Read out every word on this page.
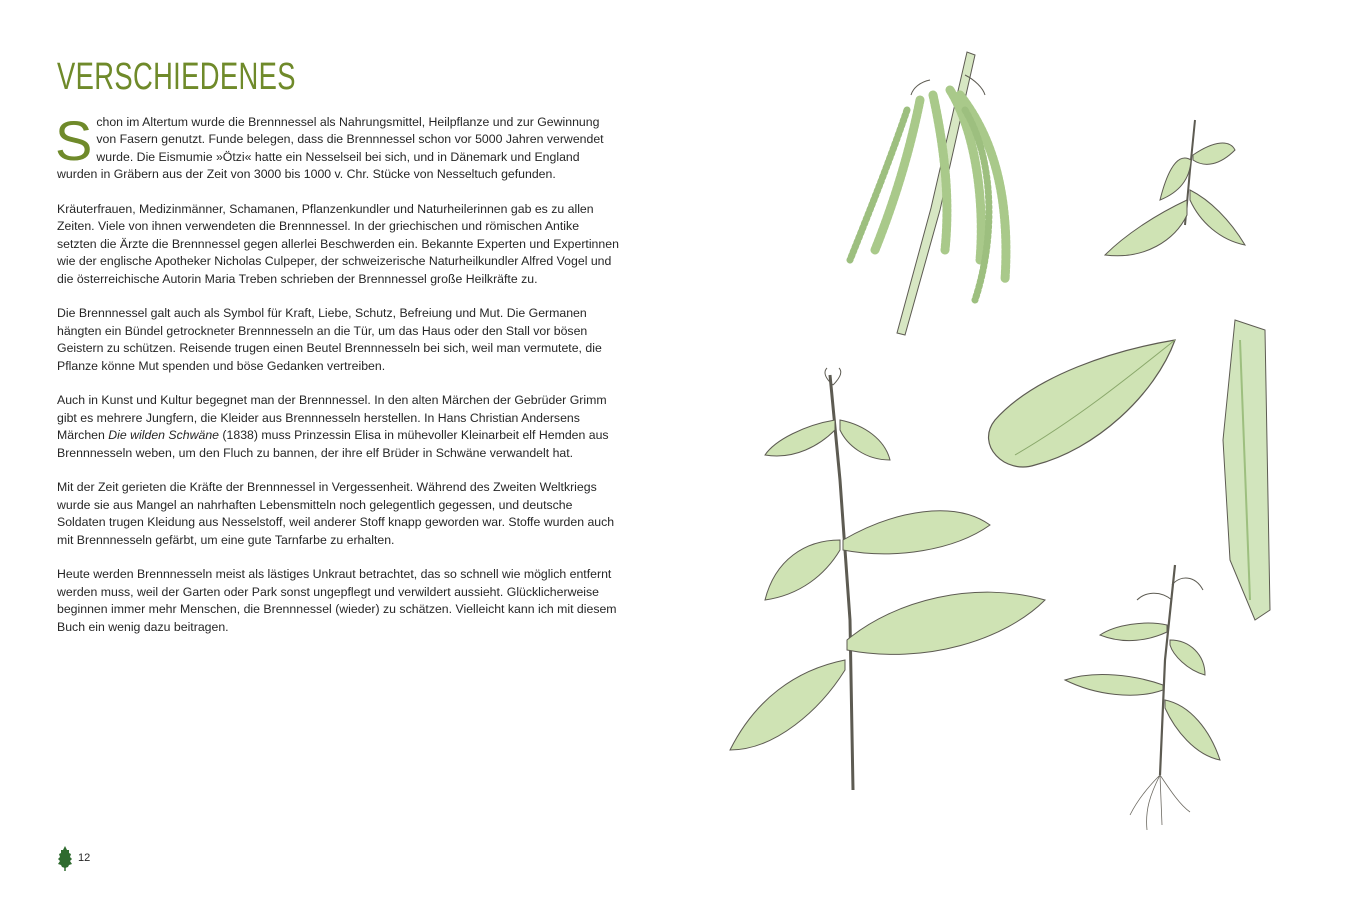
VERSCHIEDENES

Schon im Altertum wurde die Brennnessel als Nahrungsmittel, Heilpflanze und zur Gewinnung von Fasern genutzt. Funde belegen, dass die Brennnessel schon vor 5000 Jahren verwendet wurde. Die Eismumie »Ötzi« hatte ein Nesselseil bei sich, und in Dänemark und England wurden in Gräbern aus der Zeit von 3000 bis 1000 v. Chr. Stücke von Nesseltuch gefunden.

Kräuterfrauen, Medizinmänner, Schamanen, Pflanzenkundler und Naturheilerinnen gab es zu allen Zeiten. Viele von ihnen verwendeten die Brennnessel. In der griechischen und römischen Antike setzten die Ärzte die Brennnessel gegen allerlei Beschwerden ein. Bekannte Experten und Expertinnen wie der englische Apotheker Nicholas Culpeper, der schweizerische Naturheilkundler Alfred Vogel und die österreichische Autorin Maria Treben schrieben der Brennnessel große Heilkräfte zu.

Die Brennnessel galt auch als Symbol für Kraft, Liebe, Schutz, Befreiung und Mut. Die Germanen hängten ein Bündel getrockneter Brennnesseln an die Tür, um das Haus oder den Stall vor bösen Geistern zu schützen. Reisende trugen einen Beutel Brennnesseln bei sich, weil man vermutete, die Pflanze könne Mut spenden und böse Gedanken vertreiben.

Auch in Kunst und Kultur begegnet man der Brennnessel. In den alten Märchen der Gebrüder Grimm gibt es mehrere Jungfern, die Kleider aus Brennnesseln herstellen. In Hans Christian Andersens Märchen Die wilden Schwäne (1838) muss Prinzessin Elisa in mühevoller Kleinarbeit elf Hemden aus Brennnesseln weben, um den Fluch zu bannen, der ihre elf Brüder in Schwäne verwandelt hat.

Mit der Zeit gerieten die Kräfte der Brennnessel in Vergessenheit. Während des Zweiten Weltkriegs wurde sie aus Mangel an nahrhaften Lebensmitteln noch gelegentlich gegessen, und deutsche Soldaten trugen Kleidung aus Nesselstoff, weil anderer Stoff knapp geworden war. Stoffe wurden auch mit Brennnesseln gefärbt, um eine gute Tarnfarbe zu erhalten.

Heute werden Brennnesseln meist als lästiges Unkraut betrachtet, das so schnell wie möglich entfernt werden muss, weil der Garten oder Park sonst ungepflegt und verwildert aussieht. Glücklicherweise beginnen immer mehr Menschen, die Brennnessel (wieder) zu schätzen. Vielleicht kann ich mit diesem Buch ein wenig dazu beitragen.

12
